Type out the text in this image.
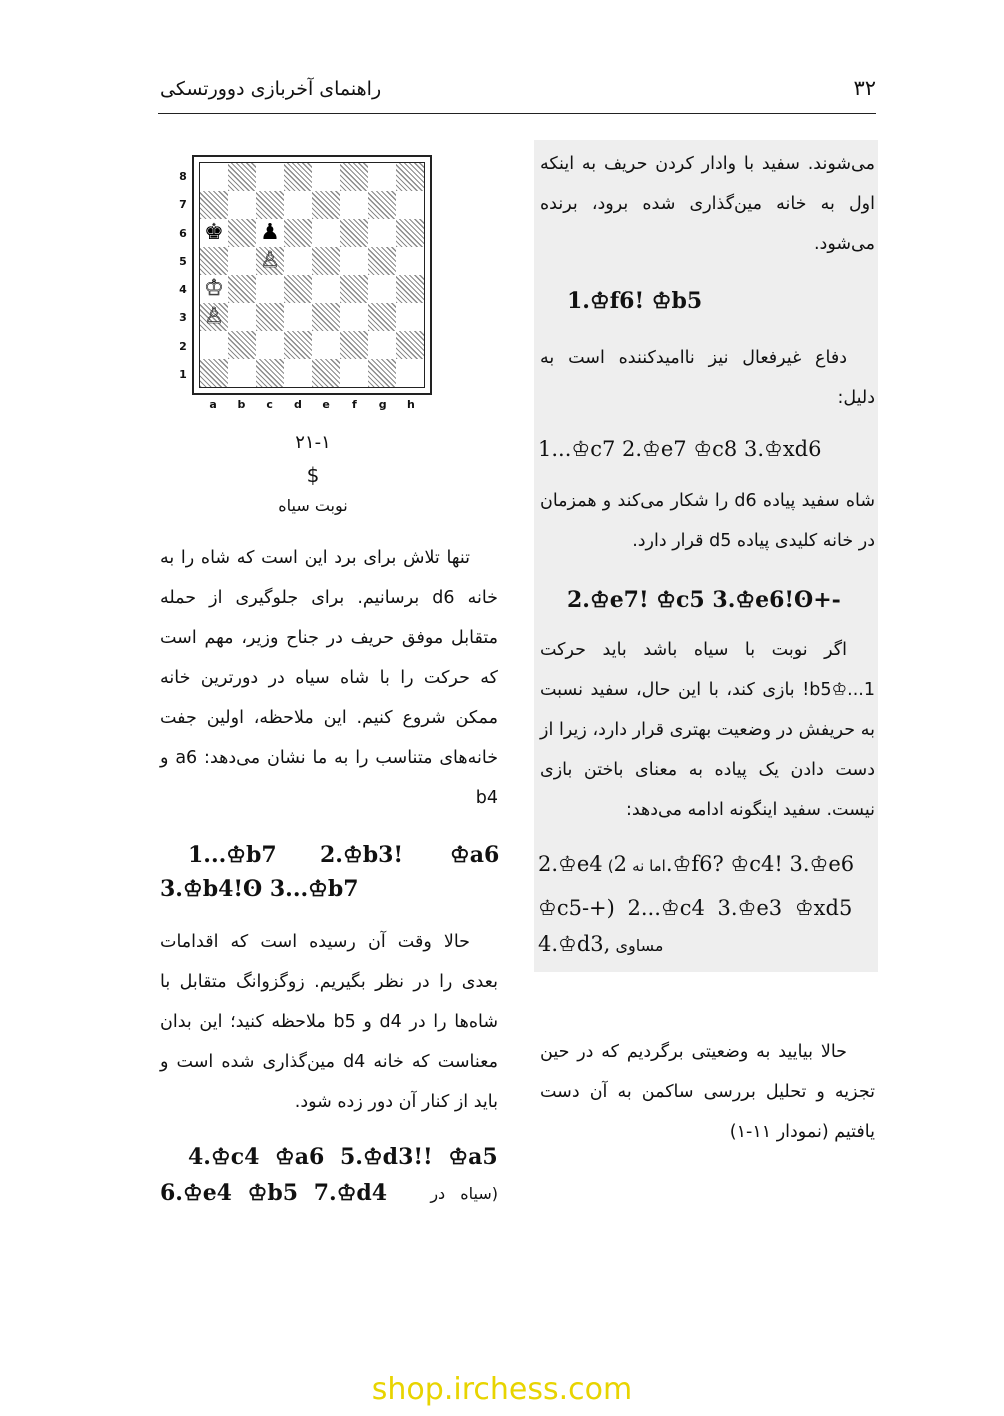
راهنمای آخربازی دوورتسکی	۳۲
8
7
6
5
4
3
2
1
♚ ♟
♙
♔
♙
a	b	c	d	e	f	g	h
۲۱-۱
$
نوبت سیاه
می‌شوند. سفید با وادار کردن حریف به اینکه اول به خانه مین‌گذاری شده برود، برنده می‌شود.
1.♔f6! ♔b5
دفاع غیرفعال نیز ناامیدکننده است به دلیل:
1...♔c7 2.♔e7 ♔c8 3.♔xd6
شاه سفید پیاده d6 را شکار می‌کند و همزمان در خانه کلیدی پیاده d5 قرار دارد.
2.♔e7! ♔c5 3.♔e6!ʘ+-
اگر نوبت با سیاه باشد باید حرکت 1...♔b5! بازی کند، با این حال، سفید نسبت به حریفش در وضعیت بهتری قرار دارد، زیرا از دست دادن یک پیاده به معنای باختن بازی نیست. سفید اینگونه ادامه می‌دهد:
2.♔e4 (اما نه 2.♔f6? ♔c4! 3.♔e6
♔c5-+) 2...♔c4 3.♔e3 ♔xd5
4.♔d3, مساوی
حالا بیایید به وضعیتی برگردیم که در حین تجزیه و تحلیل بررسی ساکمن به آن دست یافتیم (نمودار ۱۱-۱)
تنها تلاش برای برد این است که شاه را به خانه d6 برسانیم. برای جلوگیری از حمله متقابل موفق حریف در جناح وزیر، مهم است که حرکت را با شاه سیاه در دورترین خانه ممکن شروع کنیم. این ملاحظه، اولین جفت خانه‌های متناسب را به ما نشان می‌دهد: a6 و b4
1...♔b7 2.♔b3! ♔a6
3.♔b4!ʘ 3...♔b7
حالا وقت آن رسیده است که اقدامات بعدی را در نظر بگیریم. زوگزوانگ متقابل با شاه‌ها را در d4 و b5 ملاحظه کنید؛ این بدان معناست که خانه d4 مین‌گذاری شده است و باید از کنار آن دور زده شود.
4.♔c4 ♔a6 5.♔d3!! ♔a5
6.♔e4 ♔b5 7.♔d4	(سیاه در
shop.irchess.com
